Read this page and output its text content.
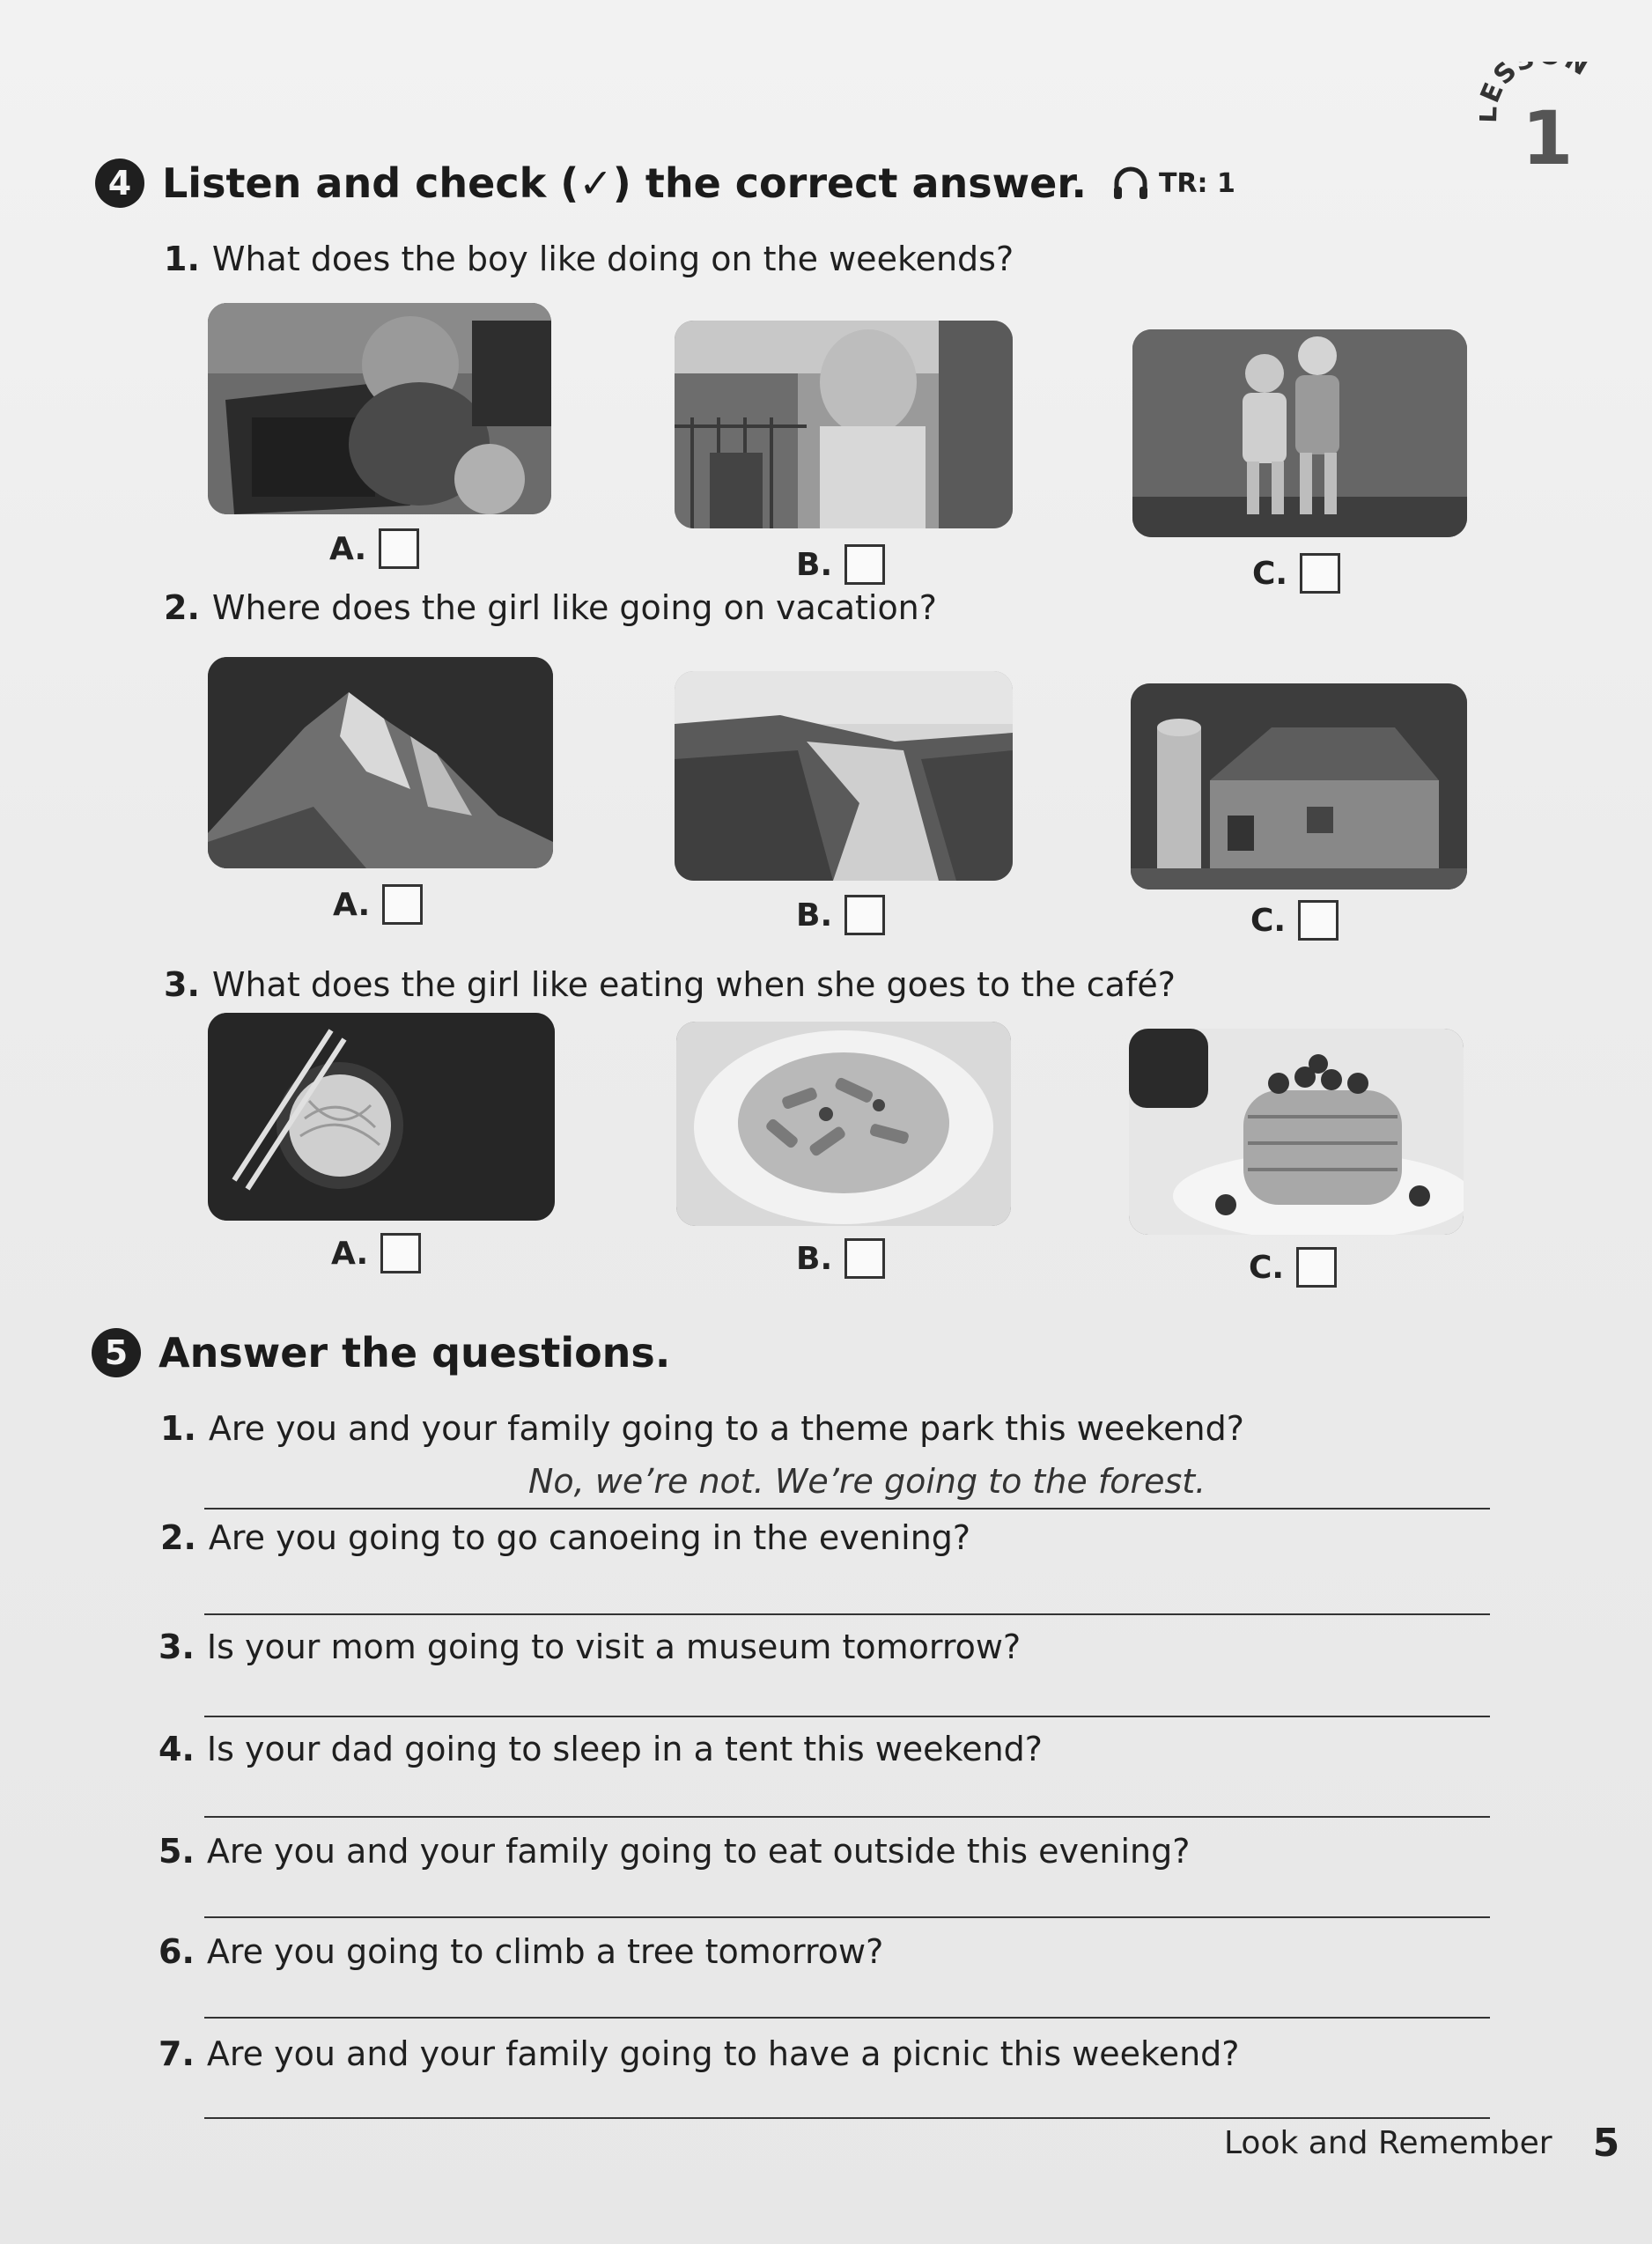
S N
1
4 Listen and check (✓) the correct answer.	TR: 1
1. What does the boy like doing on the weekends?
A.	B.	C.
2. Where does the girl like going on vacation?
A.	B.	C.
3. What does the girl like eating when she goes to the café?
A.	B.	C.
5 Answer the questions.
1. Are you and your family going to a theme park this weekend?
No, we’re not. We’re going to the forest.
2. Are you going to go canoeing in the evening?
3. Is your mom going to visit a museum tomorrow?
4. Is your dad going to sleep in a tent this weekend?
5. Are you and your family going to eat outside this evening?
6. Are you going to climb a tree tomorrow?
7. Are you and your family going to have a picnic this weekend?
Look and Remember 5
